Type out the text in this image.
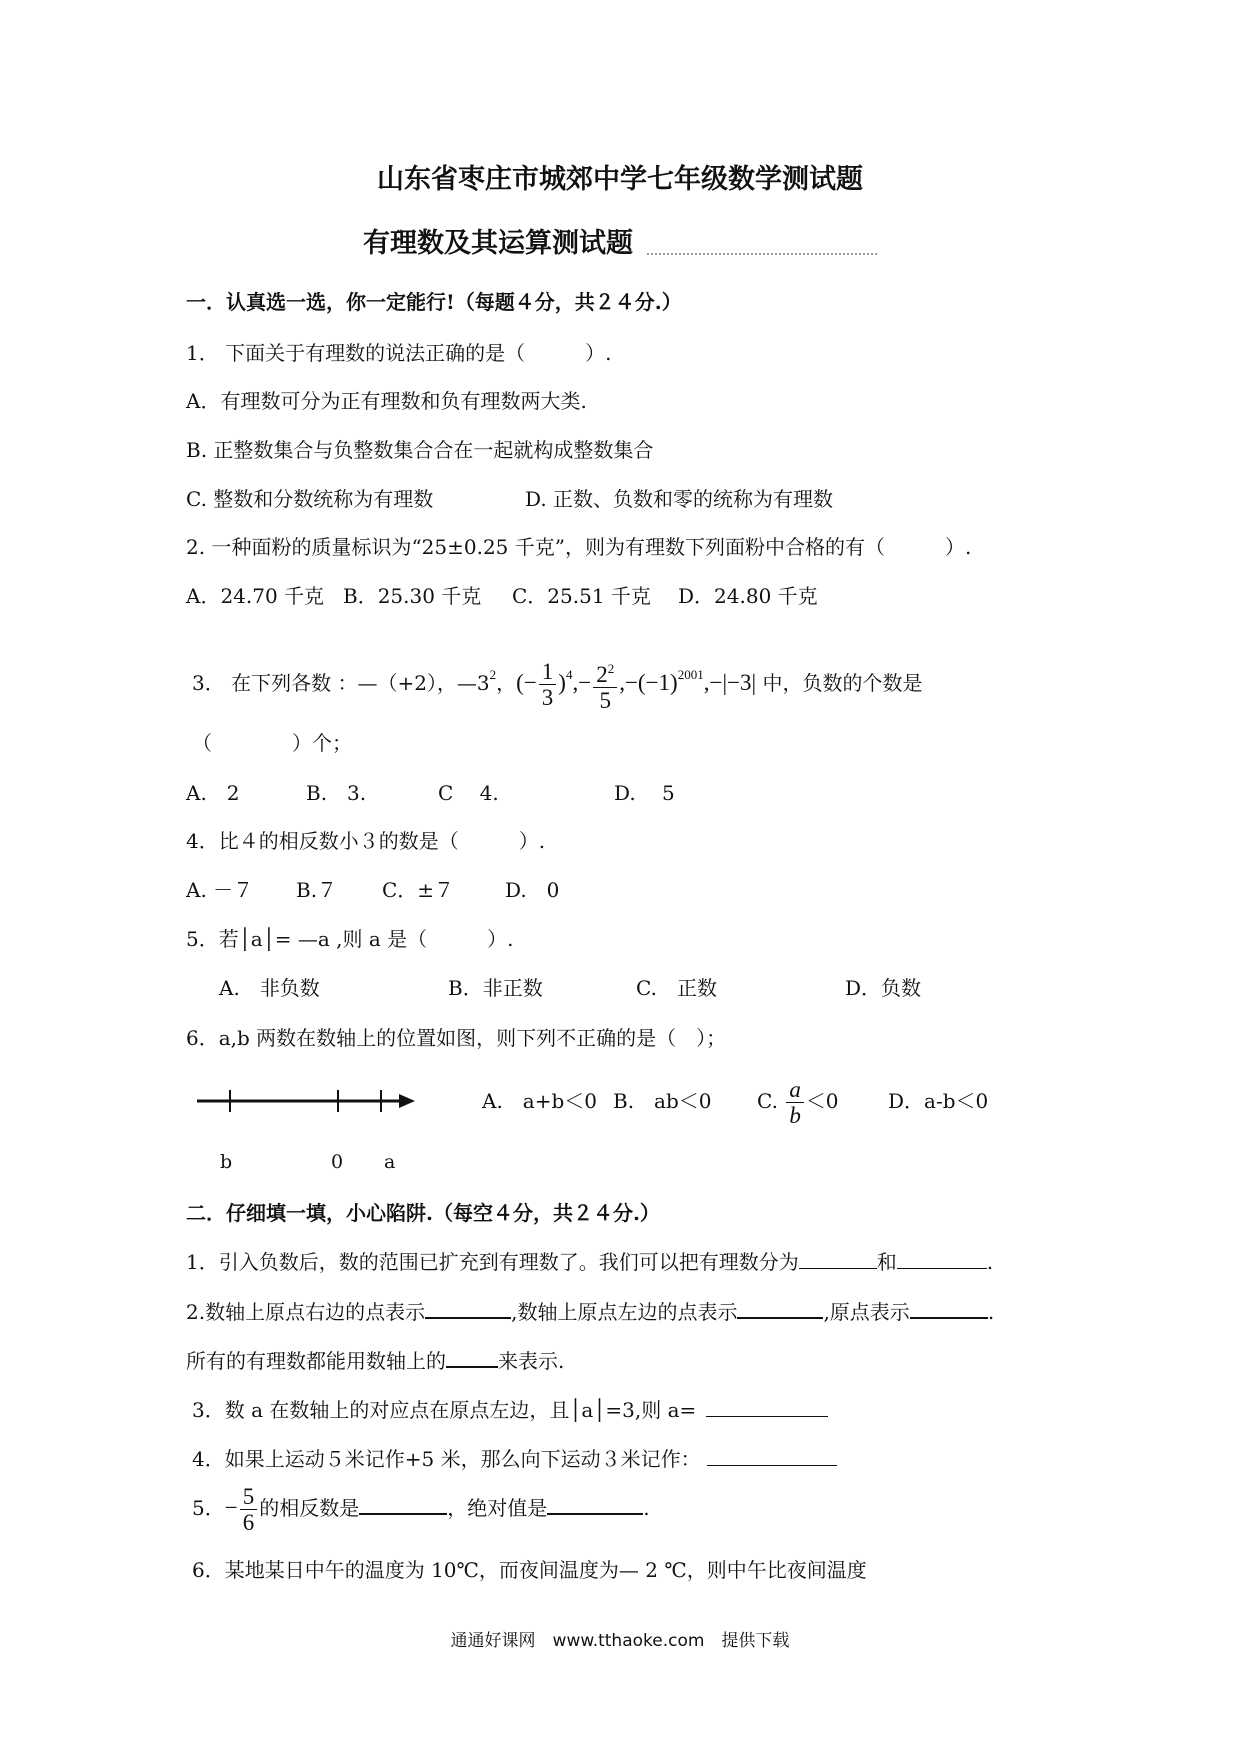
山东省枣庄市城郊中学七年级数学测试题
有理数及其运算测试题
一．认真选一选，你一定能行!（每题４分，共２４分.）
1． 下面关于有理数的说法正确的是（　　　）.
A．有理数可分为正有理数和负有理数两大类.
B. 正整数集合与负整数集合合在一起就构成整数集合
C. 整数和分数统称为有理数	D. 正数、负数和零的统称为有理数
2. 一种面粉的质量标识为“25±0.25 千克”，则为有理数下列面粉中合格的有（　　　）.
A．24.70 千克 B．25.30 千克 C．25.51 千克 D．24.80 千克
3． 在下列各数 ：—（+2），$—3^2$，(− $\frac{1}{3} )^4,- \frac{2^2}{5} ,-(-1)^{2001},-|-3|$ 中，负数的个数是
（　　　　）个；
A.　2	B.　3.	C　 4.	D.　 5
4．比４的相反数小３的数是（　　　）.
A. －７ B.７ C．±７	D.　0
5．若│a│= —a ,则 a 是（　　　）.
A.　非负数	B．非正数	C.　正数	D．负数
6．a,b 两数在数轴上的位置如图，则下列不正确的是（　）；
b	0 a
A.　a+b＜0 B.　ab＜0 C. $\frac{a}{b} <0$ D．a-b＜0
二．仔细填一填，小心陷阱.（每空４分，共２４分.）
1．引入负数后，数的范围已扩充到有理数了。我们可以把有理数分为	和	.
2.数轴上原点右边的点表示	,数轴上原点左边的点表示	,原点表示	.
所有的有理数都能用数轴上的	来表示.
3．数 a 在数轴上的对应点在原点左边，且│a│=3,则 a=
4．如果上运动５米记作+5 米，那么向下运动３米记作：
5．− $\frac{5}{6}$ 的相反数是	，绝对值是	.
6．某地某日中午的温度为 10℃，而夜间温度为— 2 ℃，则中午比夜间温度
通通好课网　www.tthaoke.com　提供下载
